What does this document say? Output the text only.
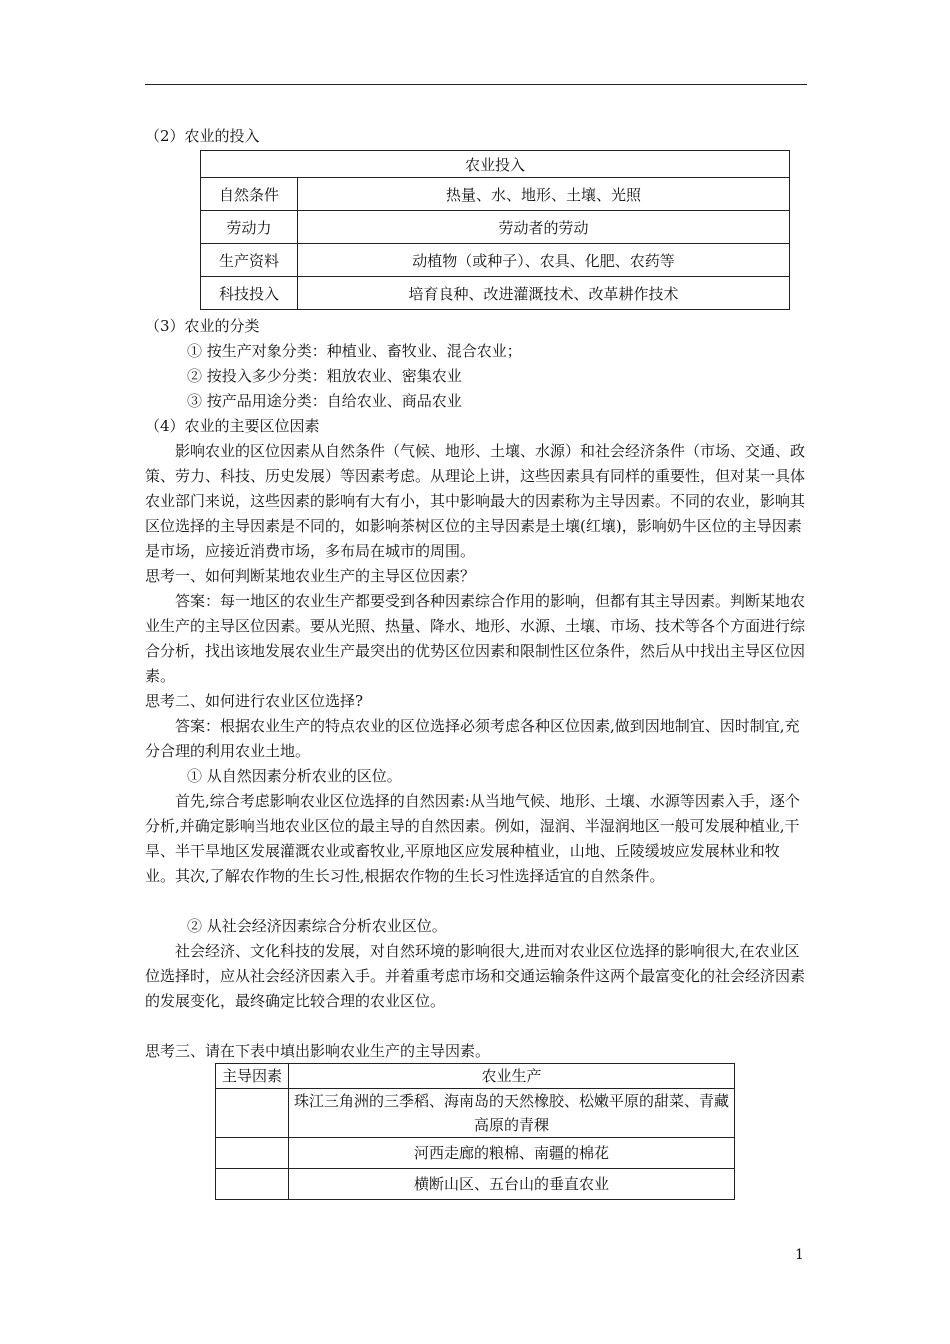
（2）农业的投入
农业投入	
自然条件	热量、水、地形、土壤、光照
劳动力	劳动者的劳动
生产资料	动植物（或种子）、农具、化肥、农药等
科技投入	培育良种、改进灌溉技术、改革耕作技术
（3）农业的分类
① 按生产对象分类：种植业、畜牧业、混合农业；
② 按投入多少分类：粗放农业、密集农业
③ 按产品用途分类：自给农业、商品农业
（4）农业的主要区位因素

影响农业的区位因素从自然条件（气候、地形、土壤、水源）和社会经济条件（市场、交通、政策、劳力、科技、历史发展）等因素考虑。从理论上讲，这些因素具有同样的重要性，但对某一具体农业部门来说，这些因素的影响有大有小，其中影响最大的因素称为主导因素。不同的农业，影响其区位选择的主导因素是不同的，如影响茶树区位的主导因素是土壤(红壤)，影响奶牛区位的主导因素是市场，应接近消费市场，多布局在城市的周围。

思考一、如何判断某地农业生产的主导区位因素？

答案：每一地区的农业生产都要受到各种因素综合作用的影响，但都有其主导因素。判断某地农业生产的主导区位因素。要从光照、热量、降水、地形、水源、土壤、市场、技术等各个方面进行综合分析，找出该地发展农业生产最突出的优势区位因素和限制性区位条件，然后从中找出主导区位因素。

思考二、如何进行农业区位选择?

答案：根据农业生产的特点农业的区位选择必须考虑各种区位因素,做到因地制宜、因时制宜,充分合理的利用农业土地。

① 从自然因素分析农业的区位。

首先,综合考虑影响农业区位选择的自然因素:从当地气候、地形、土壤、水源等因素入手，逐个分析,并确定影响当地农业区位的最主导的自然因素。例如，湿润、半湿润地区一般可发展种植业,干旱、半干旱地区发展灌溉农业或畜牧业,平原地区应发展种植业，山地、丘陵缓坡应发展林业和牧业。其次,了解农作物的生长习性,根据农作物的生长习性选择适宜的自然条件。

② 从社会经济因素综合分析农业区位。

社会经济、文化科技的发展，对自然环境的影响很大,进而对农业区位选择的影响很大,在农业区位选择时，应从社会经济因素入手。并着重考虑市场和交通运输条件这两个最富变化的社会经济因素的发展变化，最终确定比较合理的农业区位。

思考三、请在下表中填出影响农业生产的主导因素。
主导因素	农业生产
	珠江三角洲的三季稻、海南岛的天然橡胶、松嫩平原的甜菜、青藏高原的青稞
	河西走廊的粮棉、南疆的棉花
	横断山区、五台山的垂直农业
1
